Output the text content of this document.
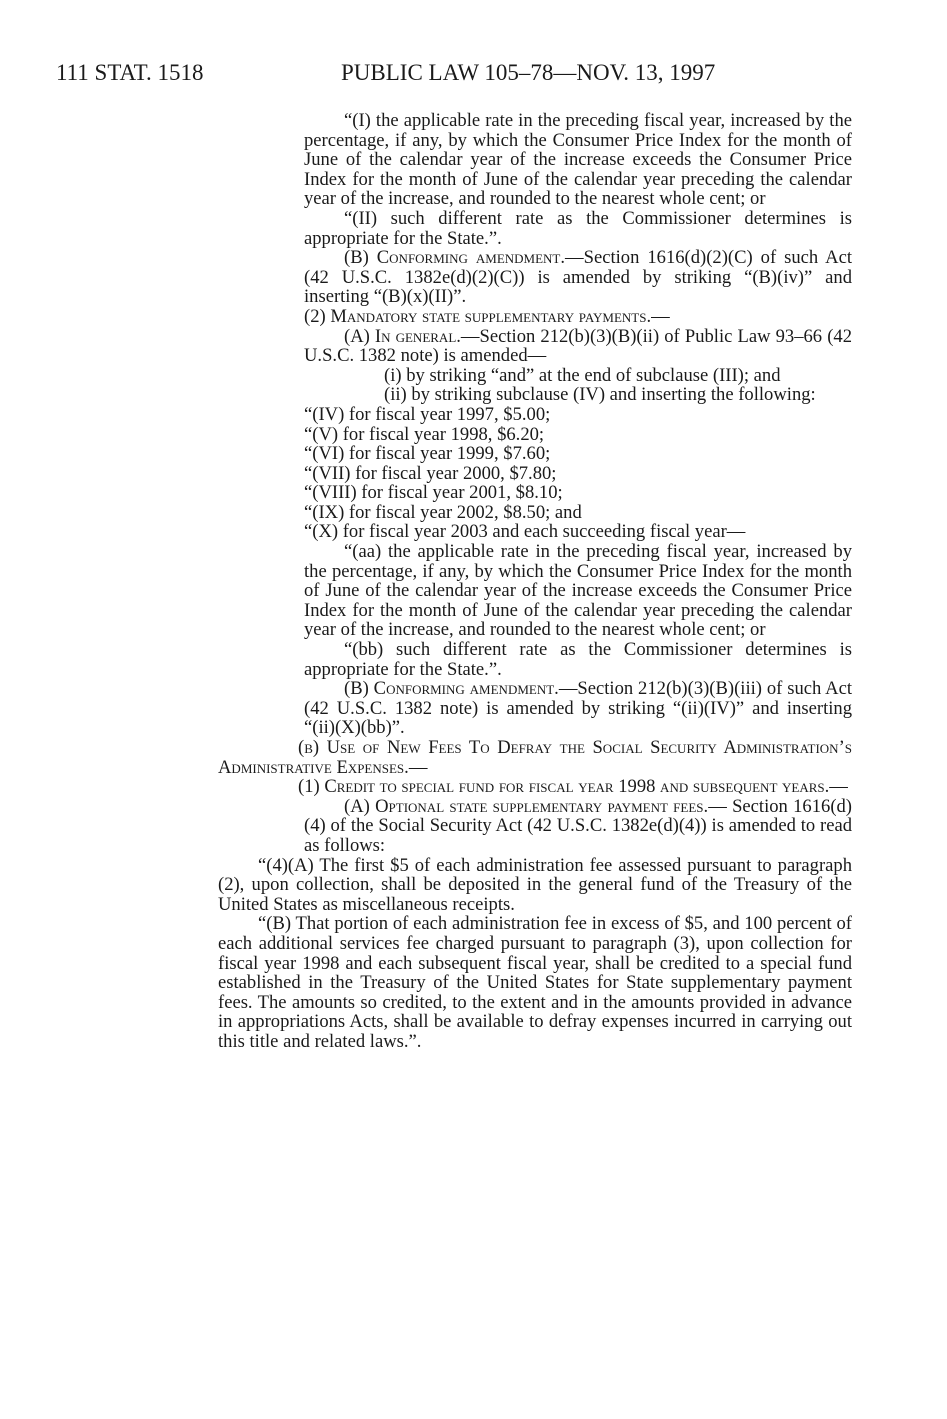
111 STAT. 1518	PUBLIC LAW 105–78—NOV. 13, 1997

“(I) the applicable rate in the preceding fiscal year, increased by the percentage, if any, by which the Consumer Price Index for the month of June of the calendar year of the increase exceeds the Consumer Price Index for the month of June of the calendar year preceding the calendar year of the increase, and rounded to the nearest whole cent; or

“(II) such different rate as the Commissioner determines is appropriate for the State.”.

(B) Conforming amendment.—Section 1616(d)(2)(C) of such Act (42 U.S.C. 1382e(d)(2)(C)) is amended by striking “(B)(iv)” and inserting “(B)(x)(II)”.

(2) Mandatory state supplementary payments.—

(A) In general.—Section 212(b)(3)(B)(ii) of Public Law 93–66 (42 U.S.C. 1382 note) is amended—

(i) by striking “and” at the end of subclause (III); and

(ii) by striking subclause (IV) and inserting the following:

“(IV) for fiscal year 1997, $5.00;

“(V) for fiscal year 1998, $6.20;

“(VI) for fiscal year 1999, $7.60;

“(VII) for fiscal year 2000, $7.80;

“(VIII) for fiscal year 2001, $8.10;

“(IX) for fiscal year 2002, $8.50; and

“(X) for fiscal year 2003 and each succeeding fiscal year—

“(aa) the applicable rate in the preceding fiscal year, increased by the percentage, if any, by which the Consumer Price Index for the month of June of the calendar year of the increase exceeds the Consumer Price Index for the month of June of the calendar year preceding the calendar year of the increase, and rounded to the nearest whole cent; or

“(bb) such different rate as the Commissioner determines is appropriate for the State.”.

(B) Conforming amendment.—Section 212(b)(3)(B)(iii) of such Act (42 U.S.C. 1382 note) is amended by striking “(ii)(IV)” and inserting “(ii)(X)(bb)”.

(b) Use of New Fees To Defray the Social Security Administration’s Administrative Expenses.—

(1) Credit to special fund for fiscal year 1998 and subsequent years.—

(A) Optional state supplementary payment fees.— Section 1616(d)(4) of the Social Security Act (42 U.S.C. 1382e(d)(4)) is amended to read as follows:

“(4)(A) The first $5 of each administration fee assessed pursuant to paragraph (2), upon collection, shall be deposited in the general fund of the Treasury of the United States as miscellaneous receipts.

“(B) That portion of each administration fee in excess of $5, and 100 percent of each additional services fee charged pursuant to paragraph (3), upon collection for fiscal year 1998 and each subsequent fiscal year, shall be credited to a special fund established in the Treasury of the United States for State supplementary payment fees. The amounts so credited, to the extent and in the amounts provided in advance in appropriations Acts, shall be available to defray expenses incurred in carrying out this title and related laws.”.
